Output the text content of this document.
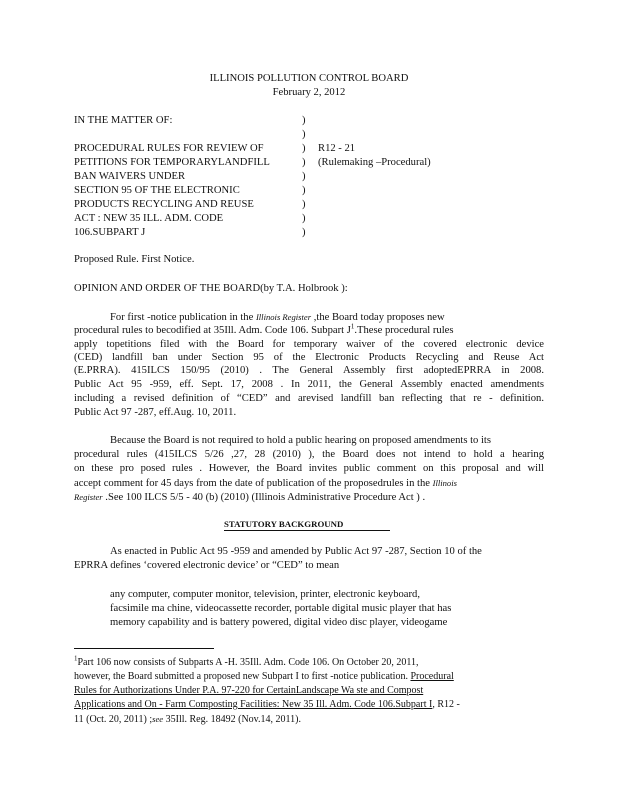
ILLINOIS POLLUTION CONTROL BOARD
February 2, 2012
IN THE MATTER OF:
PROCEDURAL RULES FOR REVIEW OF
PETITIONS FOR TEMPORARYLANDFILL
BAN WAIVERS UNDER
SECTION 95 OF THE ELECTRONIC
PRODUCTS RECYCLING AND REUSE
ACT : NEW 35 ILL. ADM. CODE
106.SUBPART J
)
)
)
)
)
)
)
)
)
R12 - 21
(Rulemaking –Procedural)
Proposed Rule. First Notice.
OPINION AND ORDER OF THE BOARD(by T.A. Holbrook ):
For first -notice publication in the Illinois Register ,the Board today proposes new
procedural rules to becodified at 35Ill. Adm. Code 106. Subpart $J^1.These$ procedural rules
apply topetitions filed with the Board for temporary waiver of the covered electronic device
(CED) landfill ban under Section 95 of the Electronic Products Recycling and Reuse Act
(E.PRRA). 415ILCS 150/95 (2010) . The General Assembly first adoptedEPRRA in 2008.
Public Act 95 -959, eff. Sept. 17, 2008 . In 2011, the General Assembly enacted amendments
including a revised definition of “CED” and arevised landfill ban reflecting that re - definition.
Public Act 97 -287, eff.Aug. 10, 2011.
Because the Board is not required to hold a public hearing on proposed amendments to its
procedural rules (415ILCS 5/26 ,27, 28 (2010) ), the Board does not intend to hold a hearing
on these pro posed rules . However, the Board invites public comment on this proposal and will
accept comment for 45 days from the date of publication of the proposedrules in the Illinois
Register .See 100 ILCS 5/5 - 40 (b) (2010) (Illinois Administrative Procedure Act ) .
STATUTORY BACKGROUND
As enacted in Public Act 95 -959 and amended by Public Act 97 -287, Section 10 of the
EPRRA defines ‘covered electronic device’ or “CED” to mean
any computer, computer monitor, television, printer, electronic keyboard,
facsimile ma chine, videocassette recorder, portable digital music player that has
memory capability and is battery powered, digital video disc player, videogame
$^1$Part 106 now consists of Subparts A -H. 35Ill. Adm. Code 106. On October 20, 2011,
however, the Board submitted a proposed new Subpart I to first -notice publication. Procedural
Rules for Authorizations Under P.A. 97-220 for CertainLandscape Wa ste and Compost
Applications and On - Farm Composting Facilities: New 35 Ill. Adm. Code 106.Subpart I, R12 -
11 (Oct. 20, 2011) ;see 35Ill. Reg. 18492 (Nov.14, 2011).
